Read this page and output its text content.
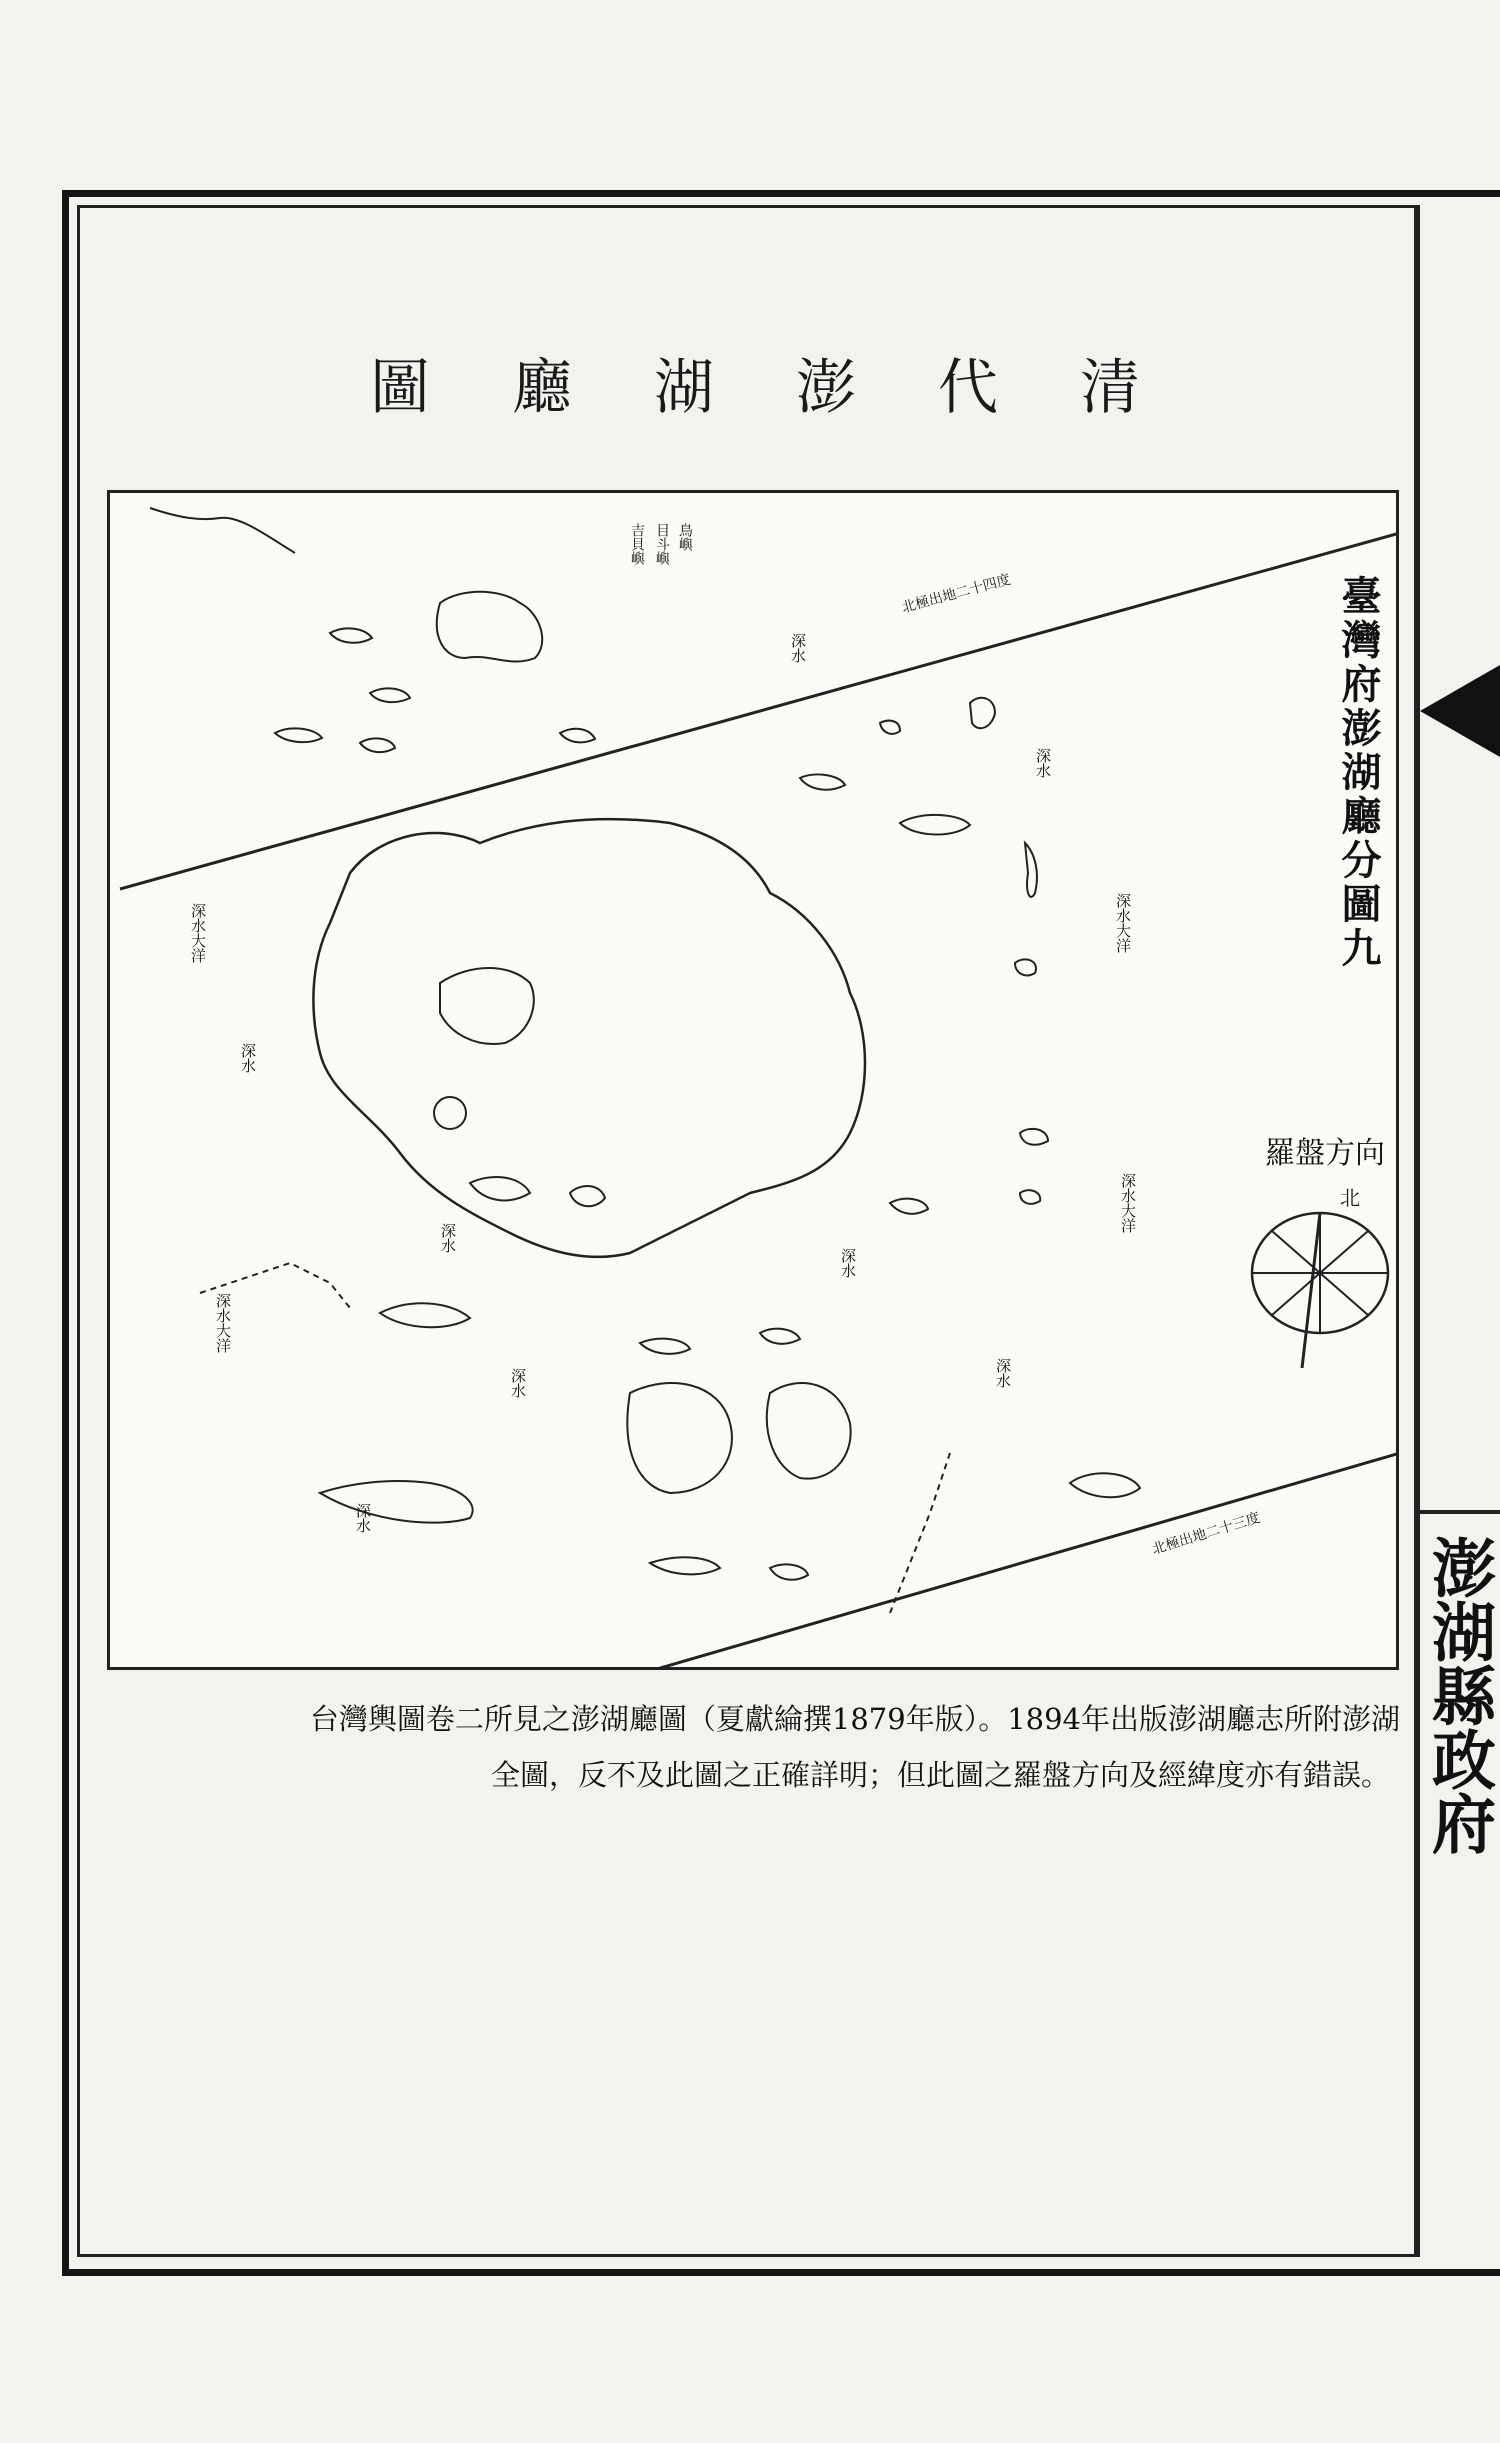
澎湖縣政府
清
代
澎
湖
廳
圖
吉貝嶼 目斗嶼 鳥嶼
深水大洋	深水大洋
深水大洋
深水大洋
深水
深水
深水
深水
深水
深水
深水
深水
北極出地二十四度
北極出地二十三度
臺灣府澎湖廳分圖九
羅盤方向
北
台灣輿圖卷二所見之澎湖廳圖（夏獻綸撰1879年版）。1894年出版澎湖廳志所附澎湖
全圖，反不及此圖之正確詳明；但此圖之羅盤方向及經緯度亦有錯誤。
